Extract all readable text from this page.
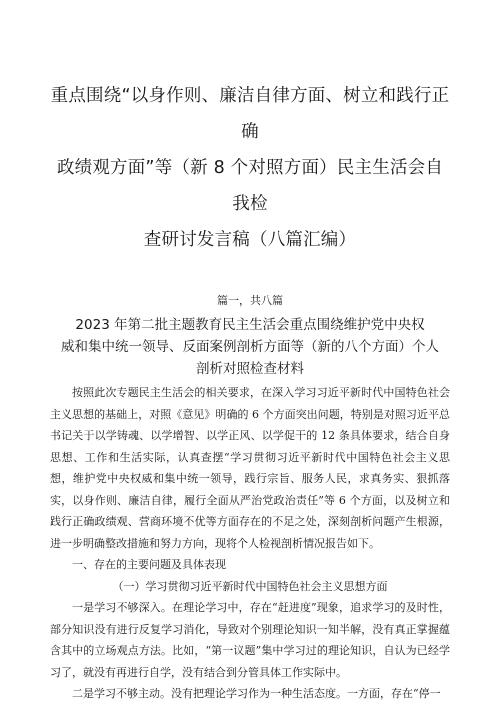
重点围绕“以身作则、廉洁自律方面、树立和践行正确
政绩观方面”等（新 8 个对照方面）民主生活会自我检
查研讨发言稿（八篇汇编）
篇一，共八篇
2023 年第二批主题教育民主生活会重点围绕维护党中央权
威和集中统一领导、反面案例剖析方面等（新的八个方面）个人
剖析对照检查材料

按照此次专题民主生活会的相关要求，在深入学习习近平新时代中国特色社会主义思想的基础上，对照《意见》明确的 6 个方面突出问题，特别是对照习近平总书记关于以学铸魂、以学增智、以学正风、以学促干的 12 条具体要求，结合自身思想、工作和生活实际，认真查摆“学习贯彻习近平新时代中国特色社会主义思想，维护党中央权威和集中统一领导，践行宗旨、服务人民，求真务实、狠抓落实，以身作则、廉洁自律，履行全面从严治党政治责任”等 6 个方面，以及树立和践行正确政绩观、营商环境不优等方面存在的不足之处，深刻剖析问题产生根源，进一步明确整改措施和努力方向，现将个人检视剖析情况报告如下。

一、存在的主要问题及具体表现

（一）学习贯彻习近平新时代中国特色社会主义思想方面

一是学习不够深入。在理论学习中，存在“赶进度”现象，追求学习的及时性，部分知识没有进行反复学习消化，导致对个别理论知识一知半解，没有真正掌握蕴含其中的立场观点方法。比如，“第一议题”集中学习过的理论知识，自认为已经学习了，就没有再进行自学，没有结合到分管具体工作实际中。

二是学习不够主动。没有把理论学习作为一种生活态度。一方面，存在“停一
